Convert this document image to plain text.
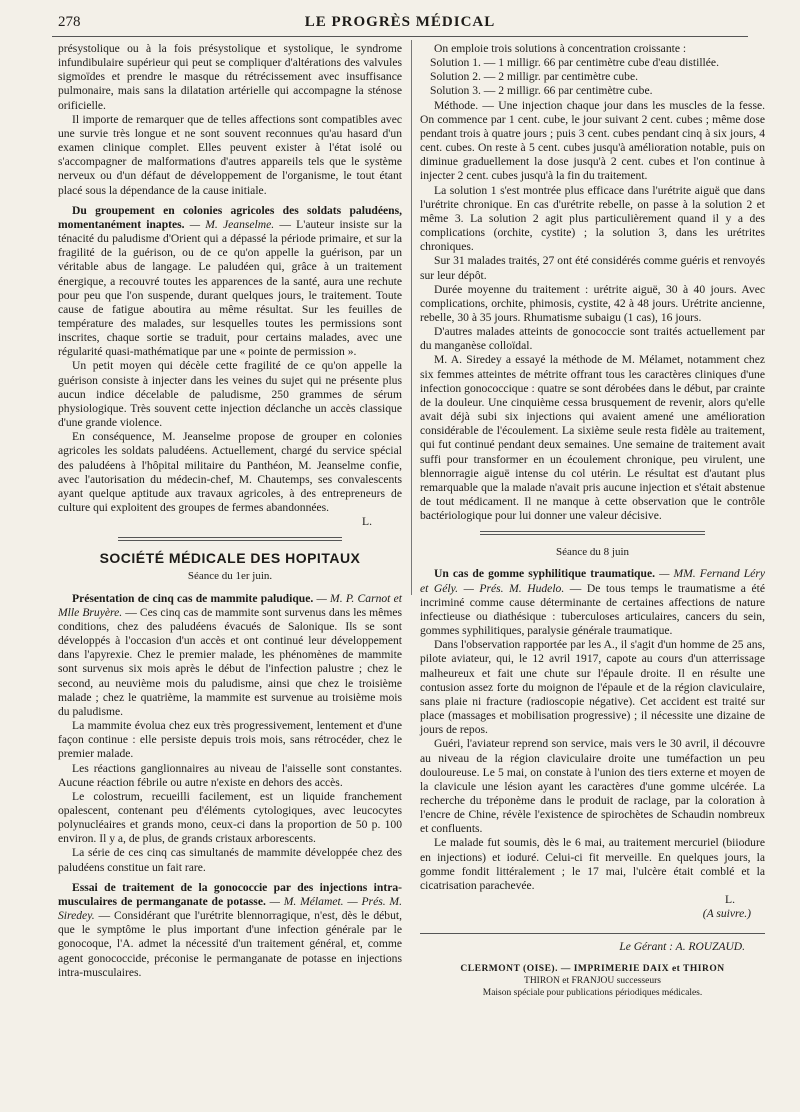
278	LE PROGRÈS MÉDICAL

présystolique ou à la fois présystolique et systolique, le syndrome infundibulaire supérieur qui peut se compliquer d'altérations des valvules sigmoïdes et prendre le masque du rétrécissement avec insuffisance pulmonaire, mais sans la dilatation artérielle qui accompagne la sténose orificielle.

Il importe de remarquer que de telles affections sont compatibles avec une survie très longue et ne sont souvent reconnues qu'au hasard d'un examen clinique complet. Elles peuvent exister à l'état isolé ou s'accompagner de malformations d'autres appareils tels que le système nerveux ou d'un défaut de développement de l'organisme, le tout étant placé sous la dépendance de la cause initiale.

Du groupement en colonies agricoles des soldats paludéens, momentanément inaptes. — M. Jeanselme. — L'auteur insiste sur la ténacité du paludisme d'Orient qui a dépassé la période primaire, et sur la fragilité de la guérison, ou de ce qu'on appelle la guérison, par un véritable abus de langage. Le paludéen qui, grâce à un traitement énergique, a recouvré toutes les apparences de la santé, aura une rechute pour peu que l'on suspende, durant quelques jours, le traitement. Toute cause de fatigue aboutira au même résultat. Sur les feuilles de température des malades, sur lesquelles toutes les permissions sont inscrites, chaque sortie se traduit, pour certains malades, avec une régularité quasi-mathématique par une « pointe de permission ».

Un petit moyen qui décèle cette fragilité de ce qu'on appelle la guérison consiste à injecter dans les veines du sujet qui ne présente plus aucun indice décelable de paludisme, 250 grammes de sérum physiologique. Très souvent cette injection déclanche un accès classique d'une grande violence.

En conséquence, M. Jeanselme propose de grouper en colonies agricoles les soldats paludéens. Actuellement, chargé du service spécial des paludéens à l'hôpital militaire du Panthéon, M. Jeanselme confie, avec l'autorisation du médecin-chef, M. Chautemps, ses convalescents ayant quelque aptitude aux travaux agricoles, à des entrepreneurs de culture qui exploitent des groupes de fermes abandonnées.

L.
SOCIÉTÉ MÉDICALE DES HOPITAUX
Séance du 1er juin.

Présentation de cinq cas de mammite paludique. — M. P. Carnot et Mlle Bruyère. — Ces cinq cas de mammite sont survenus dans les mêmes conditions, chez des paludéens évacués de Salonique. Ils se sont développés à l'occasion d'un accès et ont continué leur développement dans l'apyrexie. Chez le premier malade, les phénomènes de mammite sont survenus six mois après le début de l'infection palustre ; chez le second, au neuvième mois du paludisme, ainsi que chez le troisième malade ; chez le quatrième, la mammite est survenue au troisième mois du paludisme.

La mammite évolua chez eux très progressivement, lentement et d'une façon continue : elle persiste depuis trois mois, sans rétrocéder, chez le premier malade.

Les réactions ganglionnaires au niveau de l'aisselle sont constantes. Aucune réaction fébrile ou autre n'existe en dehors des accès.

Le colostrum, recueilli facilement, est un liquide franchement opalescent, contenant peu d'éléments cytologiques, avec leucocytes polynucléaires et grands mono, ceux-ci dans la proportion de 50 p. 100 environ. Il y a, de plus, de grands cristaux arborescents.

La série de ces cinq cas simultanés de mammite développée chez des paludéens constitue un fait rare.

Essai de traitement de la gonococcie par des injections intra-musculaires de permanganate de potasse. — M. Mélamet. — Prés. M. Siredey. — Considérant que l'urétrite blennorragique, n'est, dès le début, que le symptôme le plus important d'une infection générale par le gonocoque, l'A. admet la nécessité d'un traitement général, et, comme agent gonococcide, préconise le permanganate de potasse en injections intra-musculaires.

On emploie trois solutions à concentration croissante :

Solution 1. — 1 milligr. 66 par centimètre cube d'eau distillée.

Solution 2. — 2 milligr. par centimètre cube.

Solution 3. — 2 milligr. 66 par centimètre cube.

Méthode. — Une injection chaque jour dans les muscles de la fesse. On commence par 1 cent. cube, le jour suivant 2 cent. cubes ; même dose pendant trois à quatre jours ; puis 3 cent. cubes pendant cinq à six jours, 4 cent. cubes. On reste à 5 cent. cubes jusqu'à amélioration notable, puis on diminue graduellement la dose jusqu'à 2 cent. cubes et l'on continue à injecter 2 cent. cubes jusqu'à la fin du traitement.

La solution 1 s'est montrée plus efficace dans l'urétrite aiguë que dans l'urétrite chronique. En cas d'urétrite rebelle, on passe à la solution 2 et même 3. La solution 2 agit plus particulièrement quand il y a des complications (orchite, cystite) ; la solution 3, dans les urétrites chroniques.

Sur 31 malades traités, 27 ont été considérés comme guéris et renvoyés sur leur dépôt.

Durée moyenne du traitement : urétrite aiguë, 30 à 40 jours. Avec complications, orchite, phimosis, cystite, 42 à 48 jours. Urétrite ancienne, rebelle, 30 à 35 jours. Rhumatisme subaigu (1 cas), 16 jours.

D'autres malades atteints de gonococcie sont traités actuellement par du manganèse colloïdal.

M. A. Siredey a essayé la méthode de M. Mélamet, notamment chez six femmes atteintes de métrite offrant tous les caractères cliniques d'une infection gonococcique : quatre se sont dérobées dans le début, par crainte de la douleur. Une cinquième cessa brusquement de revenir, alors qu'elle avait déjà subi six injections qui avaient amené une amélioration considérable de l'écoulement. La sixième seule resta fidèle au traitement, qui fut continué pendant deux semaines. Une semaine de traitement avait suffi pour transformer en un écoulement chronique, peu virulent, une blennorragie aiguë intense du col utérin. Le résultat est d'autant plus remarquable que la malade n'avait pris aucune injection et s'était abstenue de tout médicament. Il ne manque à cette observation que le contrôle bactériologique pour lui donner une valeur décisive.

Séance du 8 juin

Un cas de gomme syphilitique traumatique. — MM. Fernand Léry et Gély. — Prés. M. Hudelo. — De tous temps le traumatisme a été incriminé comme cause déterminante de certaines affections de nature infectieuse ou diathésique : tuberculoses articulaires, cancers du sein, gommes syphilitiques, paralysie générale traumatique.

Dans l'observation rapportée par les A., il s'agit d'un homme de 25 ans, pilote aviateur, qui, le 12 avril 1917, capote au cours d'un atterrissage malheureux et fait une chute sur l'épaule droite. Il en résulte une contusion assez forte du moignon de l'épaule et de la région claviculaire, sans plaie ni fracture (radioscopie négative). Cet accident est traité sur place (massages et mobilisation progressive) ; il nécessite une dizaine de jours de repos.

Guéri, l'aviateur reprend son service, mais vers le 30 avril, il découvre au niveau de la région claviculaire droite une tuméfaction un peu douloureuse. Le 5 mai, on constate à l'union des tiers externe et moyen de la clavicule une lésion ayant les caractères d'une gomme ulcérée. La recherche du tréponème dans le produit de raclage, par la coloration à l'encre de Chine, révèle l'existence de spirochètes de Schaudin nombreux et confluents.

Le malade fut soumis, dès le 6 mai, au traitement mercuriel (biiodure en injections) et ioduré. Celui-ci fit merveille. En quelques jours, la gomme fondit littéralement ; le 17 mai, l'ulcère était comblé et la cicatrisation parachevée.

L.
(A suivre.)
Le Gérant : A. ROUZAUD.
CLERMONT (OISE). — IMPRIMERIE DAIX et THIRON
THIRON et FRANJOU successeurs
Maison spéciale pour publications périodiques médicales.
